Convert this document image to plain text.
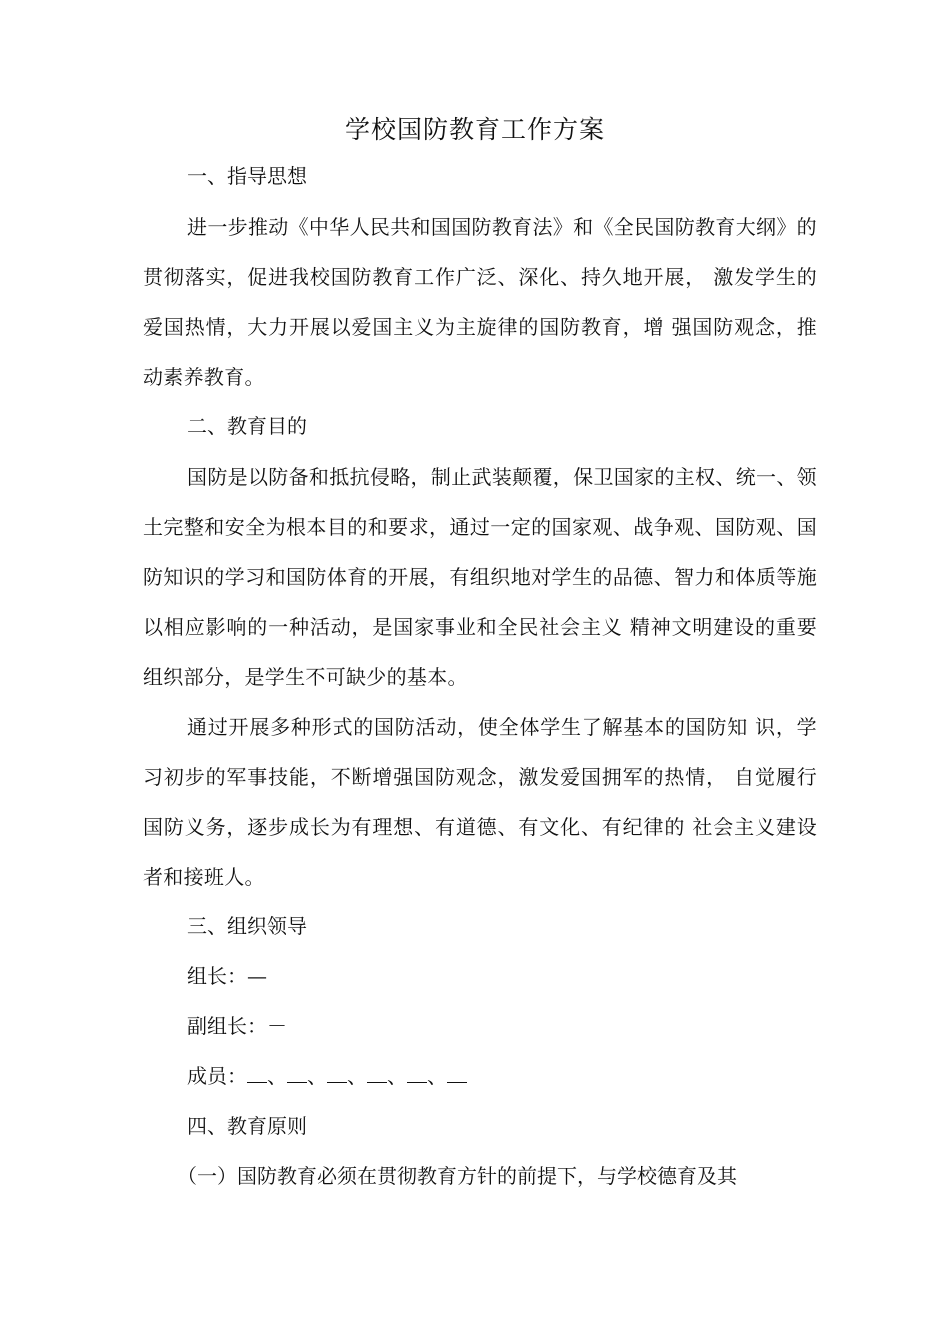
学校国防教育工作方案
一、指导思想
进一步推动《中华人民共和国国防教育法》和《全民国防教育大纲》的贯彻落实，促进我校国防教育工作广泛、深化、持久地开展， 激发学生的爱国热情，大力开展以爱国主义为主旋律的国防教育，增 强国防观念，推动素养教育。
二、教育目的
国防是以防备和抵抗侵略，制止武装颠覆，保卫国家的主权、统一、领土完整和安全为根本目的和要求，通过一定的国家观、战争观、国防观、国防知识的学习和国防体育的开展，有组织地对学生的品德、智力和体质等施以相应影响的一种活动，是国家事业和全民社会主义 精神文明建设的重要组织部分，是学生不可缺少的基本。
通过开展多种形式的国防活动，使全体学生了解基本的国防知 识，学习初步的军事技能，不断增强国防观念，激发爱国拥军的热情， 自觉履行国防义务，逐步成长为有理想、有道德、有文化、有纪律的 社会主义建设者和接班人。
三、组织领导
组长：—
副组长：－
成员： 、 、 、 、 、
四、教育原则
（一）国防教育必须在贯彻教育方针的前提下，与学校德育及其
